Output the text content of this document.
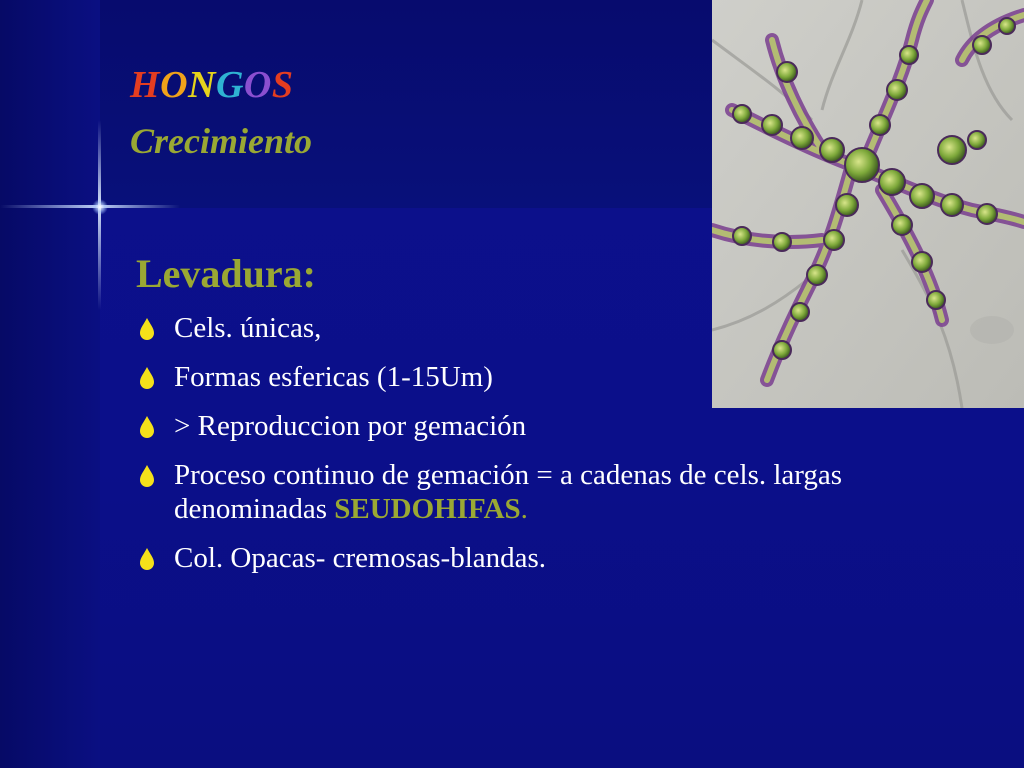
HONGOS
Crecimiento
Levadura:
Cels. únicas,
Formas esfericas (1-15Um)
> Reproduccion por gemación
Proceso continuo de gemación = a cadenas de cels. largas denominadas SEUDOHIFAS.
Col. Opacas- cremosas-blandas.
